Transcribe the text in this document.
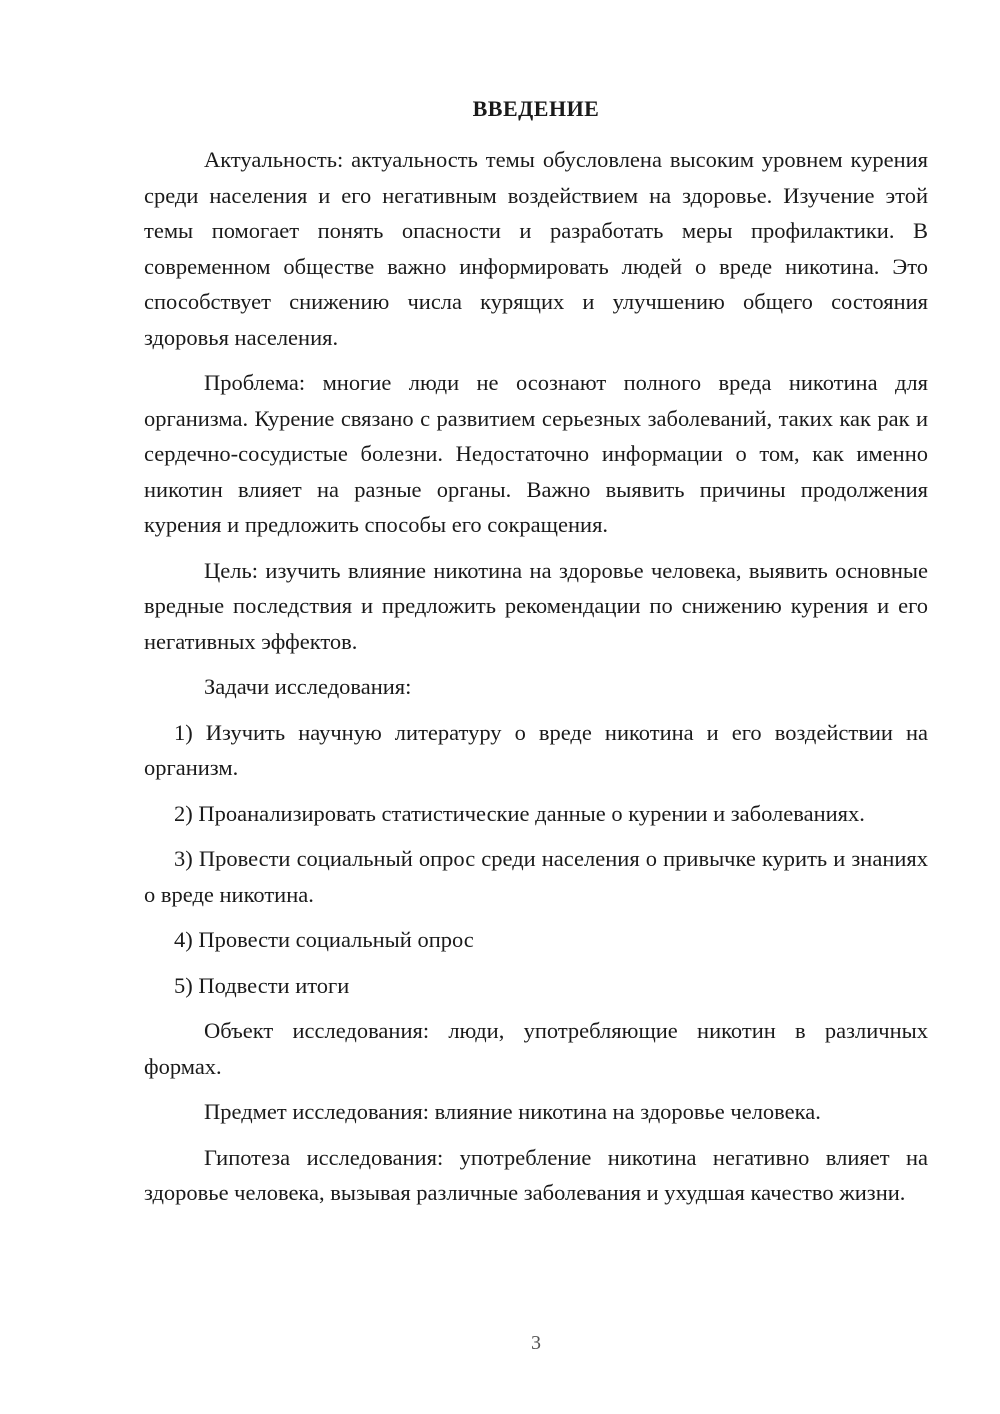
ВВЕДЕНИЕ

Актуальность: актуальность темы обусловлена высоким уровнем курения среди населения и его негативным воздействием на здоровье. Изучение этой темы помогает понять опасности и разработать меры профилактики. В современном обществе важно информировать людей о вреде никотина. Это способствует снижению числа курящих и улучшению общего состояния здоровья населения.

Проблема: многие люди не осознают полного вреда никотина для организма. Курение связано с развитием серьезных заболеваний, таких как рак и сердечно-сосудистые болезни. Недостаточно информации о том, как именно никотин влияет на разные органы. Важно выявить причины продолжения курения и предложить способы его сокращения.

Цель: изучить влияние никотина на здоровье человека, выявить основные вредные последствия и предложить рекомендации по снижению курения и его негативных эффектов.

Задачи исследования:

1) Изучить научную литературу о вреде никотина и его воздействии на организм.

2) Проанализировать статистические данные о курении и заболеваниях.

3) Провести социальный опрос среди населения о привычке курить и знаниях о вреде никотина.

4) Провести социальный опрос

5) Подвести итоги

Объект исследования: люди, употребляющие никотин в различных формах.

Предмет исследования: влияние никотина на здоровье человека.

Гипотеза исследования: употребление никотина негативно влияет на здоровье человека, вызывая различные заболевания и ухудшая качество жизни.

3
